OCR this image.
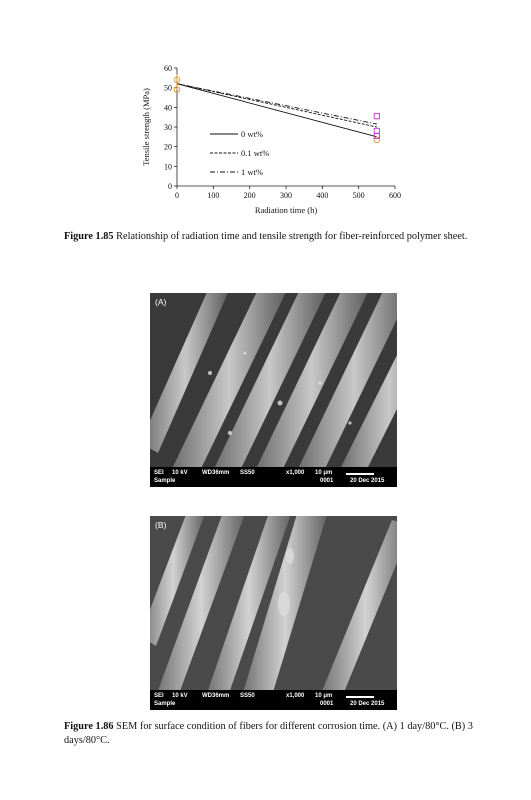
0
10
20
30
40
50
60
0	100	200	300	400	500	600
Radiation time (h)
Tensile strength (MPa)	0 wt%
0.1 wt%
1 wt%
Figure 1.85 Relationship of radiation time and tensile strength for fiber-reinforced polymer sheet.
(A)
SEI 10 kV WD36mm SS50
Sample
x1,000 10 μm
0001	20 Dec 2015
(B)
SEI 10 kV WD36mm SS50
Sample
x1,000 10 μm
0001	20 Dec 2015
Figure 1.86 SEM for surface condition of fibers for different corrosion time. (A) 1 day/80°C. (B) 3 days/80°C.
